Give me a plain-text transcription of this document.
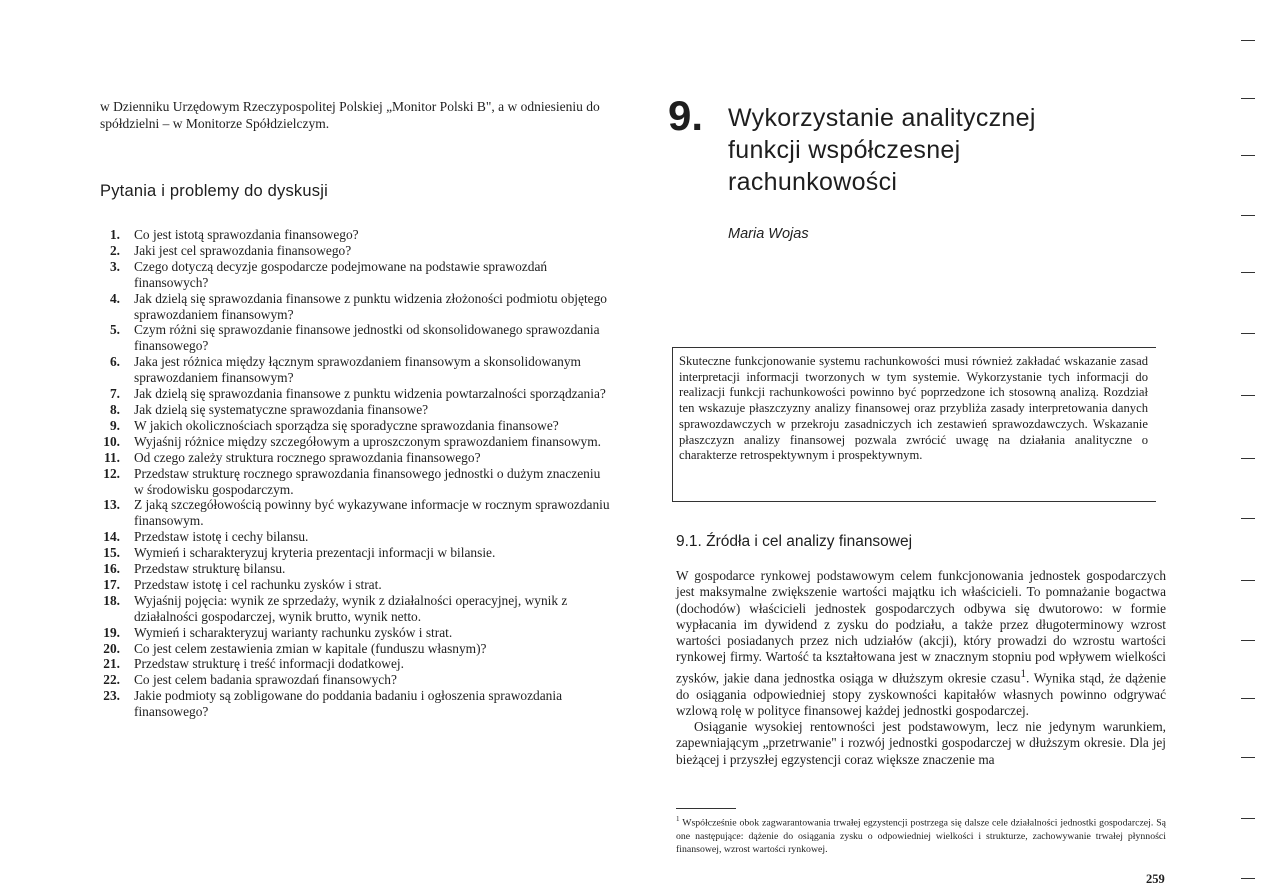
w Dzienniku Urzędowym Rzeczypospolitej Polskiej „Monitor Polski B", a w odniesieniu do spółdzielni – w Monitorze Spółdzielczym.

Pytania i problemy do dyskusji
1. Co jest istotą sprawozdania finansowego?
2. Jaki jest cel sprawozdania finansowego?
3. Czego dotyczą decyzje gospodarcze podejmowane na podstawie sprawozdań finansowych?
4. Jak dzielą się sprawozdania finansowe z punktu widzenia złożoności podmiotu objętego sprawozdaniem finansowym?
5. Czym różni się sprawozdanie finansowe jednostki od skonsolidowanego sprawozdania finansowego?
6. Jaka jest różnica między łącznym sprawozdaniem finansowym a skonsolidowanym sprawozdaniem finansowym?
7. Jak dzielą się sprawozdania finansowe z punktu widzenia powtarzalności sporządzania?
8. Jak dzielą się systematyczne sprawozdania finansowe?
9. W jakich okolicznościach sporządza się sporadyczne sprawozdania finansowe?
10. Wyjaśnij różnice między szczegółowym a uproszczonym sprawozdaniem finansowym.
11. Od czego zależy struktura rocznego sprawozdania finansowego?
12. Przedstaw strukturę rocznego sprawozdania finansowego jednostki o dużym znaczeniu w środowisku gospodarczym.
13. Z jaką szczegółowością powinny być wykazywane informacje w rocznym sprawozdaniu finansowym.
14. Przedstaw istotę i cechy bilansu.
15. Wymień i scharakteryzuj kryteria prezentacji informacji w bilansie.
16. Przedstaw strukturę bilansu.
17. Przedstaw istotę i cel rachunku zysków i strat.
18. Wyjaśnij pojęcia: wynik ze sprzedaży, wynik z działalności operacyjnej, wynik z działalności gospodarczej, wynik brutto, wynik netto.
19. Wymień i scharakteryzuj warianty rachunku zysków i strat.
20. Co jest celem zestawienia zmian w kapitale (funduszu własnym)?
21. Przedstaw strukturę i treść informacji dodatkowej.
22. Co jest celem badania sprawozdań finansowych?
23. Jakie podmioty są zobligowane do poddania badaniu i ogłoszenia sprawozdania finansowego?
9. Wykorzystanie analitycznej
funkcji współczesnej
rachunkowości
Maria Wojas

Skuteczne funkcjonowanie systemu rachunkowości musi również zakładać wskazanie zasad interpretacji informacji tworzonych w tym systemie. Wykorzystanie tych informacji do realizacji funkcji rachunkowości powinno być poprzedzone ich stosowną analizą. Rozdział ten wskazuje płaszczyzny analizy finansowej oraz przybliża zasady interpretowania danych sprawozdawczych w przekroju zasadniczych ich zestawień sprawozdawczych. Wskazanie płaszczyzn analizy finansowej pozwala zwrócić uwagę na działania analityczne o charakterze retrospektywnym i prospektywnym.

9.1. Źródła i cel analizy finansowej

W gospodarce rynkowej podstawowym celem funkcjonowania jednostek gospodarczych jest maksymalne zwiększenie wartości majątku ich właścicieli. To pomnażanie bogactwa (dochodów) właścicieli jednostek gospodarczych odbywa się dwutorowo: w formie wypłacania im dywidend z zysku do podziału, a także przez długoterminowy wzrost wartości posiadanych przez nich udziałów (akcji), który prowadzi do wzrostu wartości rynkowej firmy. Wartość ta kształtowana jest w znacznym stopniu pod wpływem wielkości zysków, jakie dana jednostka osiąga w dłuższym okresie czasu$^1$. Wynika stąd, że dążenie do osiągania odpowiedniej stopy zyskowności kapitałów własnych powinno odgrywać wzlową rolę w polityce finansowej każdej jednostki gospodarczej.

Osiąganie wysokiej rentowności jest podstawowym, lecz nie jedynym warunkiem, zapewniającym „przetrwanie" i rozwój jednostki gospodarczej w dłuższym okresie. Dla jej bieżącej i przyszłej egzystencji coraz większe znaczenie ma

$^1$ Współcześnie obok zagwarantowania trwałej egzystencji postrzega się dalsze cele działalności jednostki gospodarczej. Są one następujące: dążenie do osiągania zysku o odpowiedniej wielkości i strukturze, zachowywanie trwałej płynności finansowej, wzrost wartości rynkowej.

259
